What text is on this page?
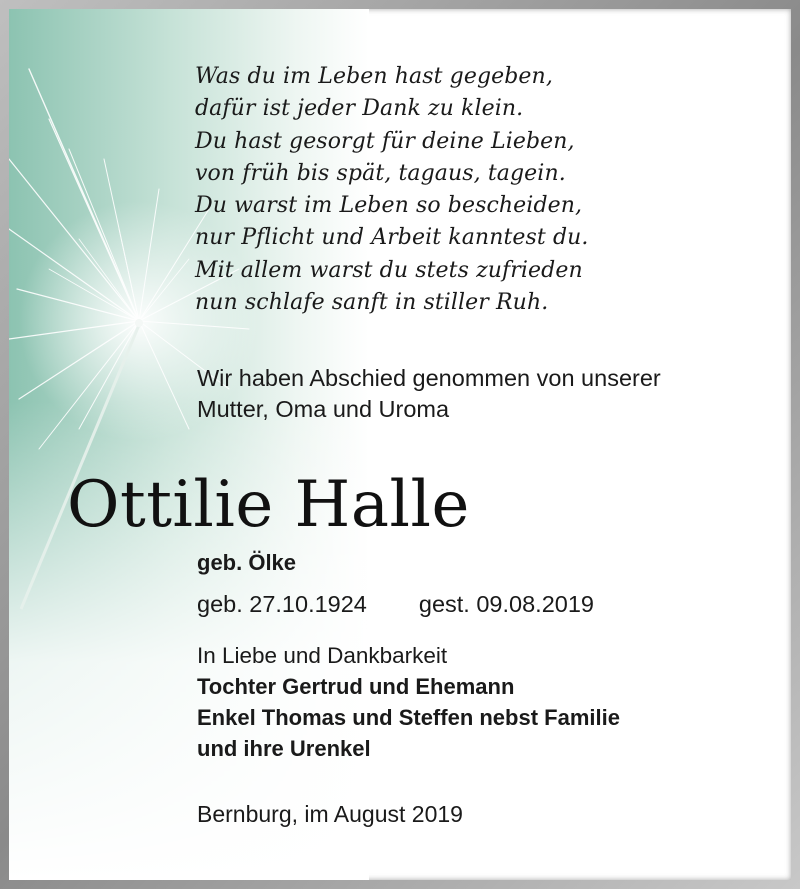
Was du im Leben hast gegeben,
dafür ist jeder Dank zu klein.
Du hast gesorgt für deine Lieben,
von früh bis spät, tagaus, tagein.
Du warst im Leben so bescheiden,
nur Pflicht und Arbeit kanntest du.
Mit allem warst du stets zufrieden
nun schlafe sanft in stiller Ruh.
Wir haben Abschied genommen von unserer
Mutter, Oma und Uroma
Ottilie Halle
geb. Ölke
geb. 27.10.1924 gest. 09.08.2019
In Liebe und Dankbarkeit
Tochter Gertrud und Ehemann
Enkel Thomas und Steffen nebst Familie
und ihre Urenkel
Bernburg, im August 2019
